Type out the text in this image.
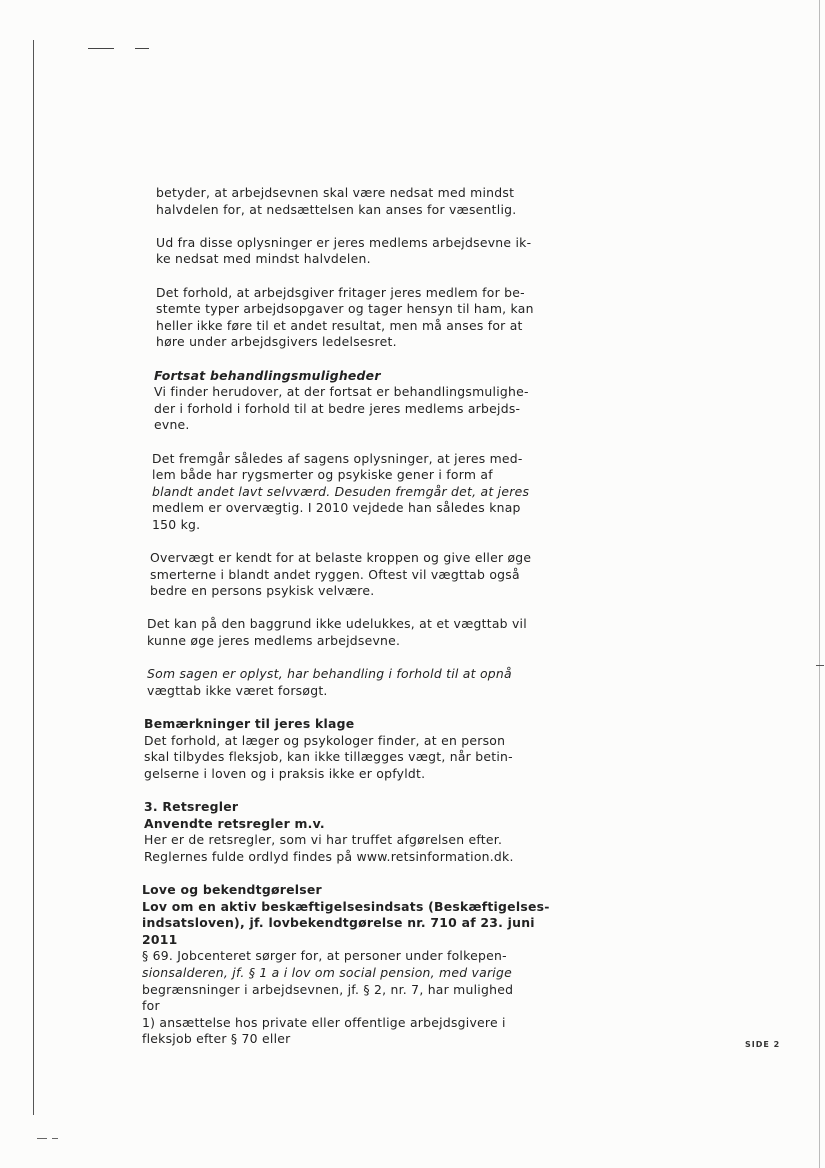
SIDE 2
betyder, at arbejdsevnen skal være nedsat med mindst
halvdelen for, at nedsættelsen kan anses for væsentlig.
Ud fra disse oplysninger er jeres medlems arbejdsevne ik-
ke nedsat med mindst halvdelen.
Det forhold, at arbejdsgiver fritager jeres medlem for be-
stemte typer arbejdsopgaver og tager hensyn til ham, kan
heller ikke føre til et andet resultat, men må anses for at
høre under arbejdsgivers ledelsesret.
Fortsat behandlingsmuligheder
Vi finder herudover, at der fortsat er behandlingsmulighe-
der i forhold i forhold til at bedre jeres medlems arbejds-
evne.
Det fremgår således af sagens oplysninger, at jeres med-
lem både har rygsmerter og psykiske gener i form af
blandt andet lavt selvværd. Desuden fremgår det, at jeres
medlem er overvægtig. I 2010 vejdede han således knap
150 kg.
Overvægt er kendt for at belaste kroppen og give eller øge
smerterne i blandt andet ryggen. Oftest vil vægttab også
bedre en persons psykisk velvære.
Det kan på den baggrund ikke udelukkes, at et vægttab vil
kunne øge jeres medlems arbejdsevne.
Som sagen er oplyst, har behandling i forhold til at opnå
vægttab ikke været forsøgt.
Bemærkninger til jeres klage
Det forhold, at læger og psykologer finder, at en person
skal tilbydes fleksjob, kan ikke tillægges vægt, når betin-
gelserne i loven og i praksis ikke er opfyldt.
3. Retsregler
Anvendte retsregler m.v.
Her er de retsregler, som vi har truffet afgørelsen efter.
Reglernes fulde ordlyd findes på www.retsinformation.dk.
Love og bekendtgørelser
Lov om en aktiv beskæftigelsesindsats (Beskæftigelses-
indsatsloven), jf. lovbekendtgørelse nr. 710 af 23. juni
2011
§ 69. Jobcenteret sørger for, at personer under folkepen-
sionsalderen, jf. § 1 a i lov om social pension, med varige
begrænsninger i arbejdsevnen, jf. § 2, nr. 7, har mulighed
for
1) ansættelse hos private eller offentlige arbejdsgivere i
fleksjob efter § 70 eller
